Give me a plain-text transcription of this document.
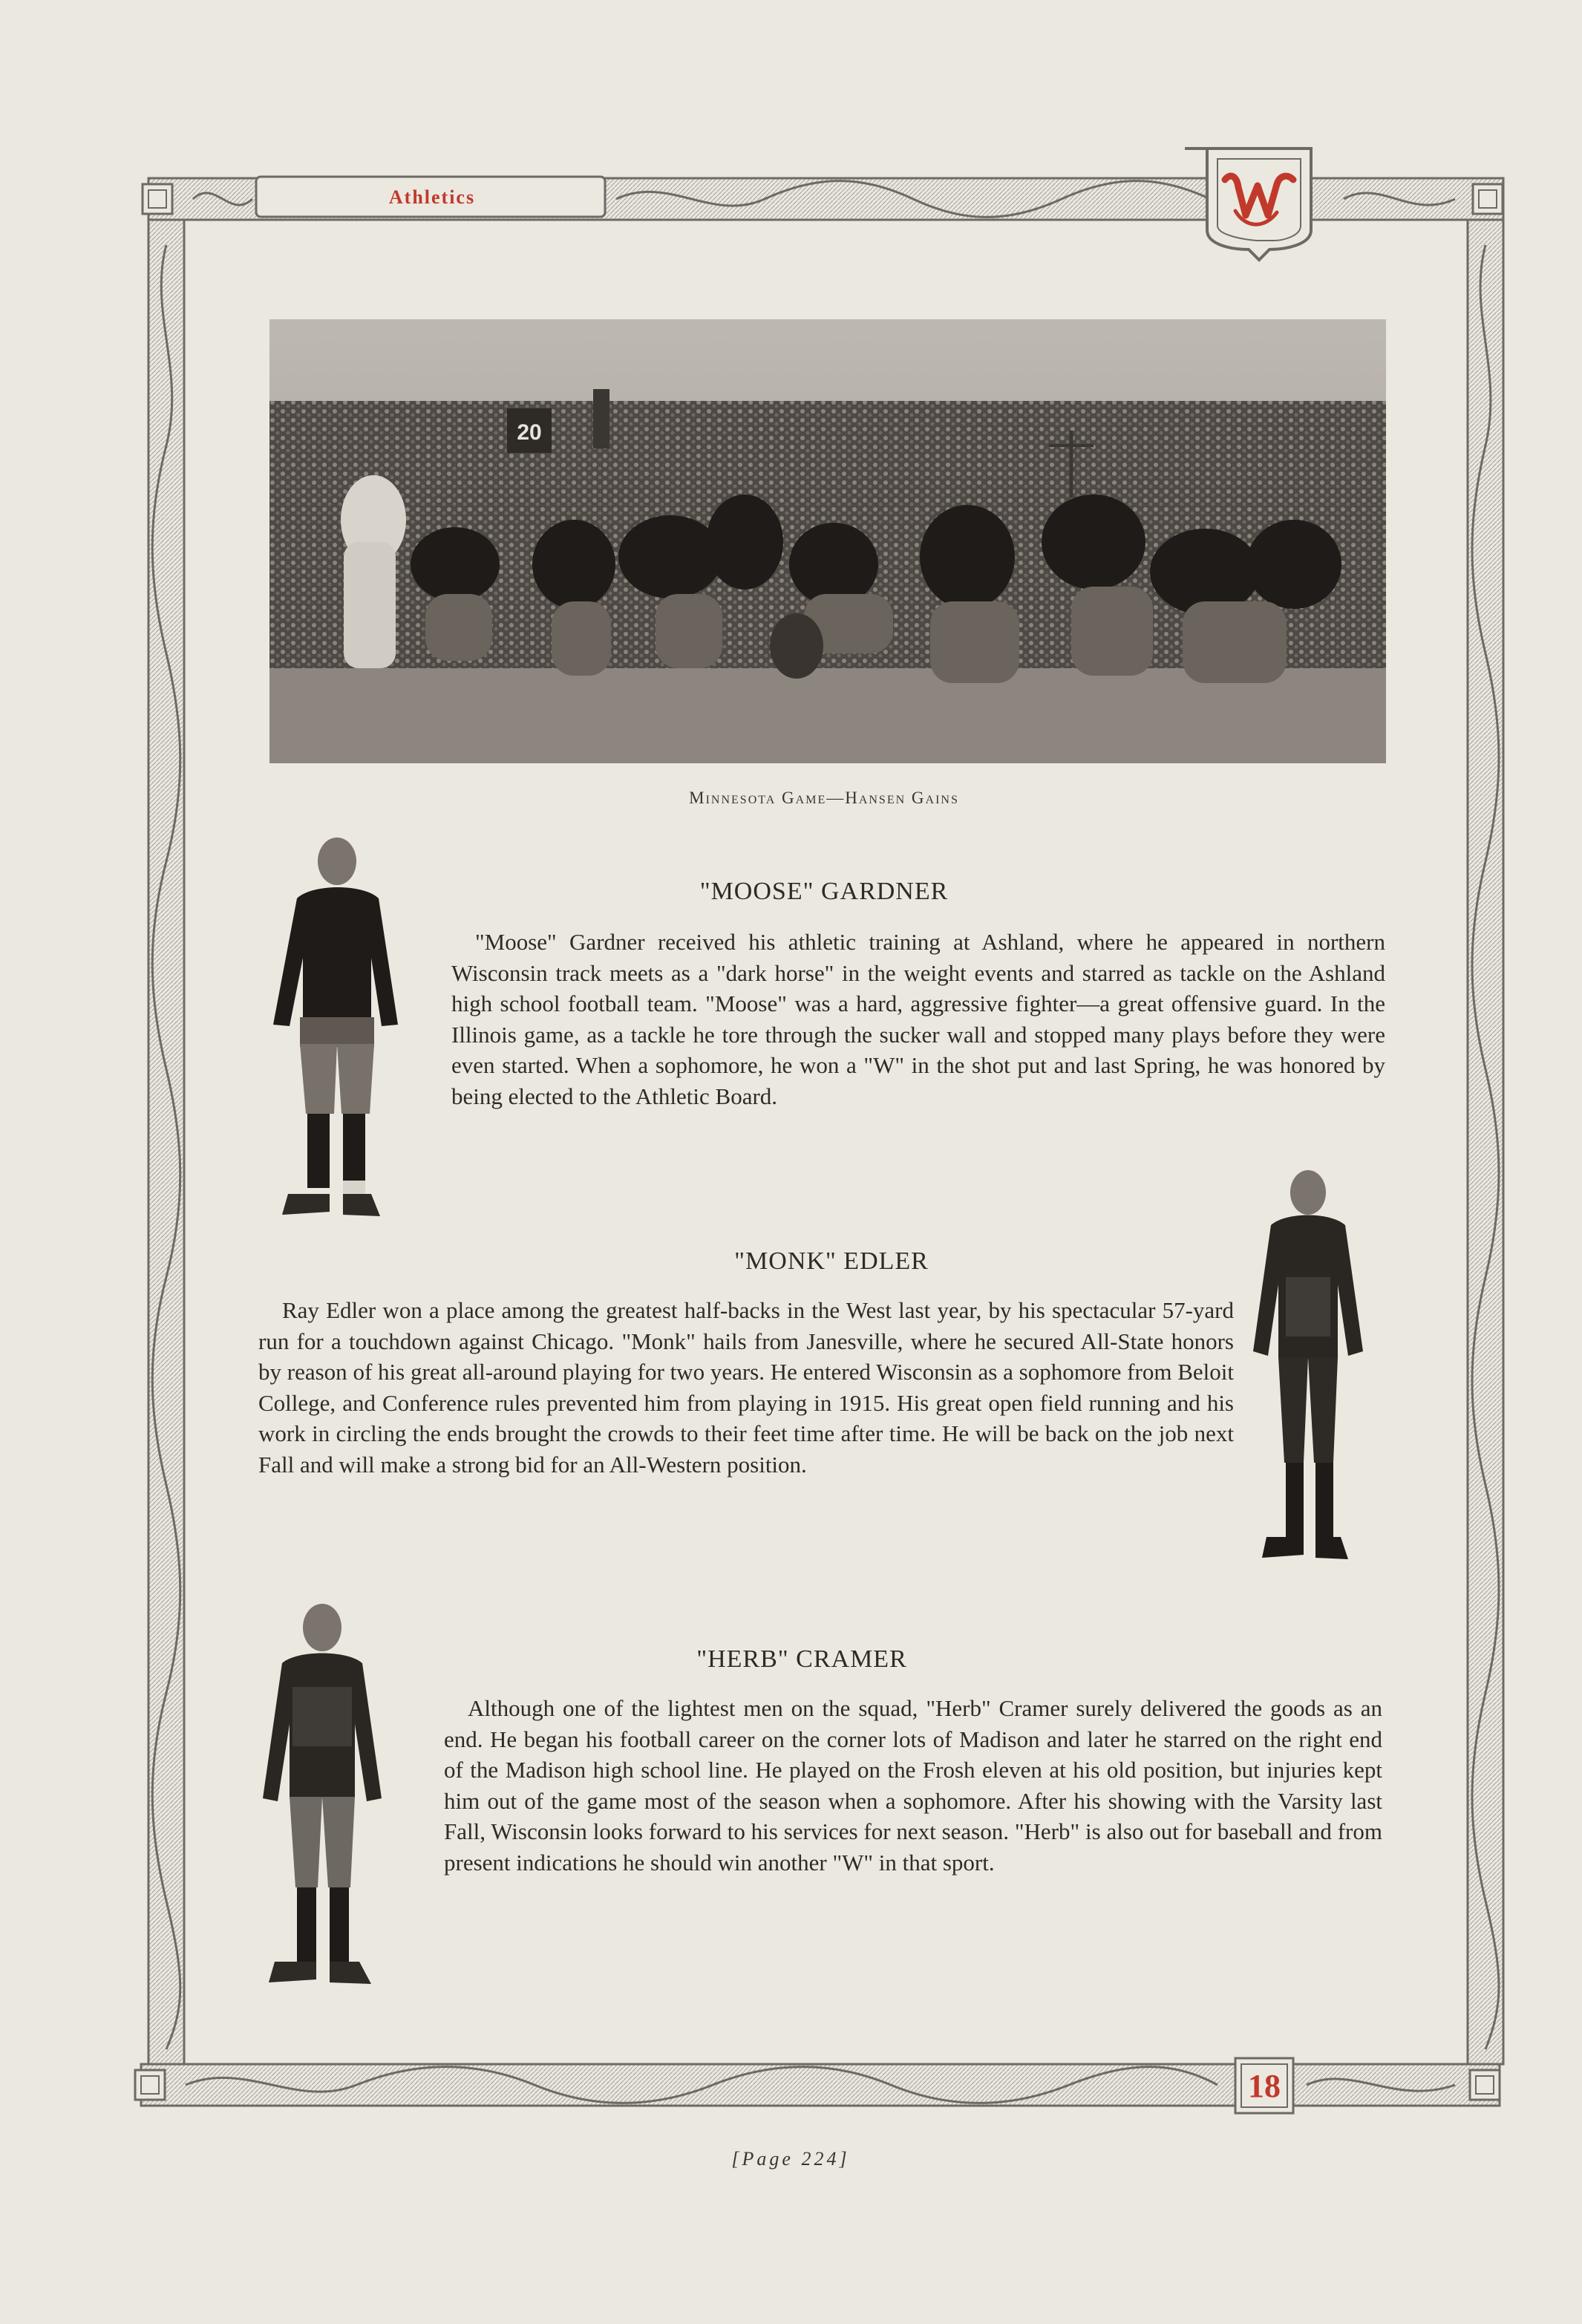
Athletics
18
20
Minnesota Game—Hansen Gains
"MOOSE" GARDNER

"Moose" Gardner received his athletic training at Ashland, where he appeared in northern Wisconsin track meets as a "dark horse" in the weight events and starred as tackle on the Ashland high school football team. "Moose" was a hard, aggressive fighter—a great offensive guard. In the Illinois game, as a tackle he tore through the sucker wall and stopped many plays before they were even started. When a sophomore, he won a "W" in the shot put and last Spring, he was honored by being elected to the Athletic Board.

"MONK" EDLER

Ray Edler won a place among the greatest half-backs in the West last year, by his spectacular 57-yard run for a touchdown against Chicago. "Monk" hails from Janesville, where he secured All-State honors by reason of his great all-around playing for two years. He entered Wisconsin as a sophomore from Beloit College, and Conference rules prevented him from playing in 1915. His great open field running and his work in circling the ends brought the crowds to their feet time after time. He will be back on the job next Fall and will make a strong bid for an All-Western position.

"HERB" CRAMER

Although one of the lightest men on the squad, "Herb" Cramer surely delivered the goods as an end. He began his football career on the corner lots of Madison and later he starred on the right end of the Madison high school line. He played on the Frosh eleven at his old position, but injuries kept him out of the game most of the season when a sophomore. After his showing with the Varsity last Fall, Wisconsin looks forward to his services for next season. "Herb" is also out for baseball and from present indications he should win another "W" in that sport.

[Page 224]
